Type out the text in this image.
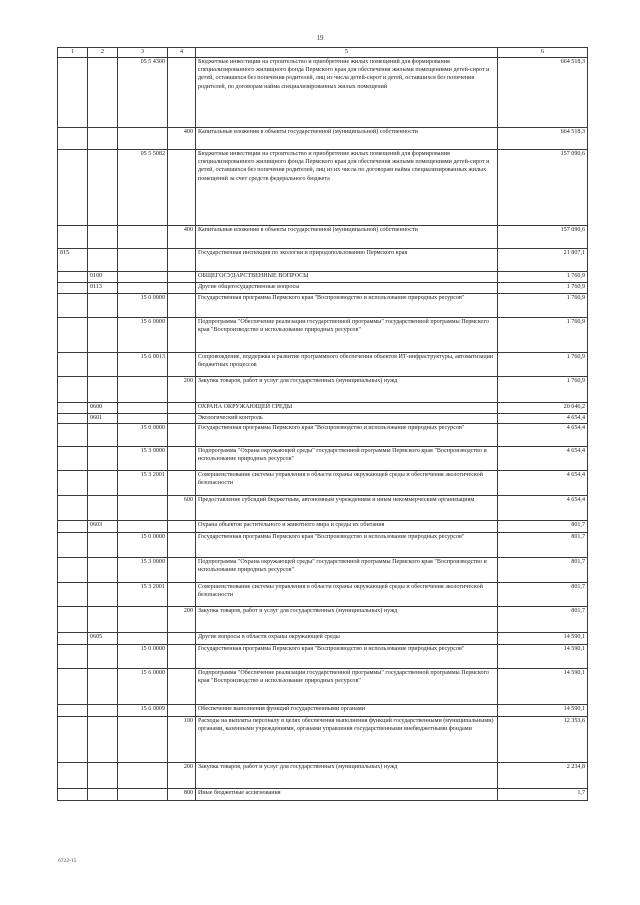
19
1	2	3	4	5	6
		05 5 4300		Бюджетные инвестиции на строительство и приобретение жилых помещений для формирования специализированного жилищного фонда Пермского края для обеспечения жилыми помещениями детей-сирот и детей, оставшихся без попечения родителей, лиц из числа детей-сирот и детей, оставшихся без попечения родителей, по договорам найма специализированных жилых помещений	664 518,3
			400	Капитальные вложения в объекты государственной (муниципальной) собственности	664 518,3
		05 5 5082		Бюджетные инвестиции на строительство и приобретение жилых помещений для формирования специализированного жилищного фонда Пермского края для обеспечения жилыми помещениями детей-сирот и детей, оставшихся без попечения родителей, лиц из их числа по договорам найма специализированных жилых помещений за счет средств федерального бюджета	157 090,6
			400	Капитальные вложения в объекты государственной (муниципальной) собственности	157 090,6
815				Государственная инспекция по экологии и природопользованию Пермского края	21 807,1
	0100			ОБЩЕГОСУДАРСТВЕННЫЕ ВОПРОСЫ	1 760,9
	0113			Другие общегосударственные вопросы	1 760,9
		15 0 0000		Государственная программа Пермского края "Воспроизводство и использование природных ресурсов"	1 760,9
		15 6 0000		Подпрограмма "Обеспечение реализации государственной программы" государственной программы Пермского края "Воспроизводство и использование природных ресурсов"	1 760,9
		15 6 0013		Сопровождение, поддержка и развитие программного обеспечения объектов ИТ-инфраструктуры, автоматизации бюджетных процессов	1 760,9
			200	Закупка товаров, работ и услуг для государственных (муниципальных) нужд	1 760,9
	0600			ОХРАНА ОКРУЖАЮЩЕЙ СРЕДЫ	20 046,2
	0601			Экологический контроль	4 654,4
		15 0 0000		Государственная программа Пермского края "Воспроизводство и использование природных ресурсов"	4 654,4
		15 3 0000		Подпрограмма "Охрана окружающей среды" государственной программы Пермского края "Воспроизводство и использование природных ресурсов"	4 654,4
		15 3 2001		Совершенствование системы управления в области охраны окружающей среды и обеспечения экологической безопасности	4 654,4
			600	Предоставление субсидий бюджетным, автономным учреждениям и иным некоммерческим организациям	4 654,4
	0603			Охрана объектов растительного и животного мира и среды их обитания	801,7
		15 0 0000		Государственная программа Пермского края "Воспроизводство и использование природных ресурсов"	801,7
		15 3 0000		Подпрограмма "Охрана окружающей среды" государственной программы Пермского края "Воспроизводство и использование природных ресурсов"	801,7
		15 3 2001		Совершенствование системы управления в области охраны окружающей среды и обеспечения экологической безопасности	801,7
			200	Закупка товаров, работ и услуг для государственных (муниципальных) нужд	801,7
	0605			Другие вопросы в области охраны окружающей среды	14 590,1
		15 0 0000		Государственная программа Пермского края "Воспроизводство и использование природных ресурсов"	14 590,1
		15 6 0000		Подпрограмма "Обеспечение реализации государственной программы" государственной программы Пермского края "Воспроизводство и использование природных ресурсов"	14 590,1
		15 6 0009		Обеспечение выполнения функций государственными органами	14 590,1
			100	Расходы на выплаты персоналу в целях обеспечения выполнения функций государственными (муниципальными) органами, казенными учреждениями, органами управления государственными внебюджетными фондами	12 353,6
			200	Закупка товаров, работ и услуг для государственных (муниципальных) нужд	2 234,8
			800	Иные бюджетные ассигнования	1,7
6722-15
